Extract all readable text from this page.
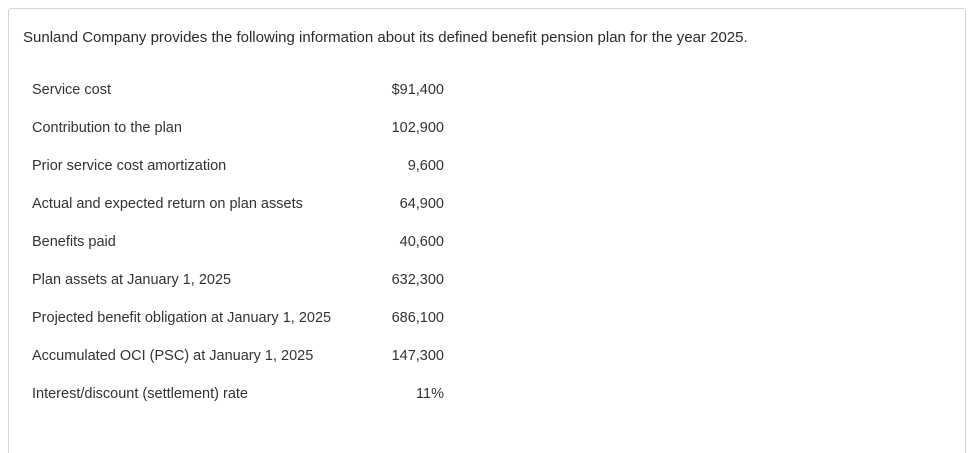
Sunland Company provides the following information about its defined benefit pension plan for the year 2025.

Service cost	$91,400
Contribution to the plan	102,900
Prior service cost amortization	9,600
Actual and expected return on plan assets	64,900
Benefits paid	40,600
Plan assets at January 1, 2025	632,300
Projected benefit obligation at January 1, 2025	686,100
Accumulated OCI (PSC) at January 1, 2025	147,300
Interest/discount (settlement) rate	11%
